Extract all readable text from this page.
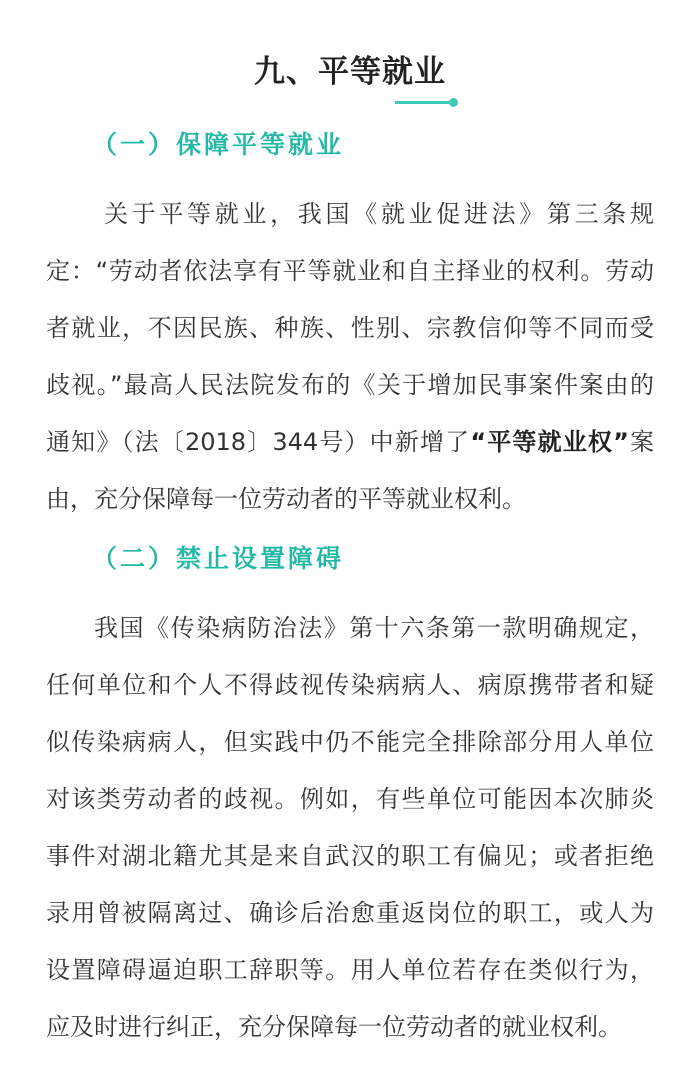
九、平等就业
（一）保障平等就业
关于平等就业，我国《就业促进法》第三条规
定：“劳动者依法享有平等就业和自主择业的权利。劳动
者就业，不因民族、种族、性别、宗教信仰等不同而受
歧视。”最高人民法院发布的《关于增加民事案件案由的
通知》（法〔2018〕344号）中新增了“平等就业权”案
由，充分保障每一位劳动者的平等就业权利。
（二）禁止设置障碍
我国《传染病防治法》第十六条第一款明确规定，
任何单位和个人不得歧视传染病病人、病原携带者和疑
似传染病病人，但实践中仍不能完全排除部分用人单位
对该类劳动者的歧视。例如，有些单位可能因本次肺炎
事件对湖北籍尤其是来自武汉的职工有偏见；或者拒绝
录用曾被隔离过、确诊后治愈重返岗位的职工，或人为
设置障碍逼迫职工辞职等。用人单位若存在类似行为，
应及时进行纠正，充分保障每一位劳动者的就业权利。
